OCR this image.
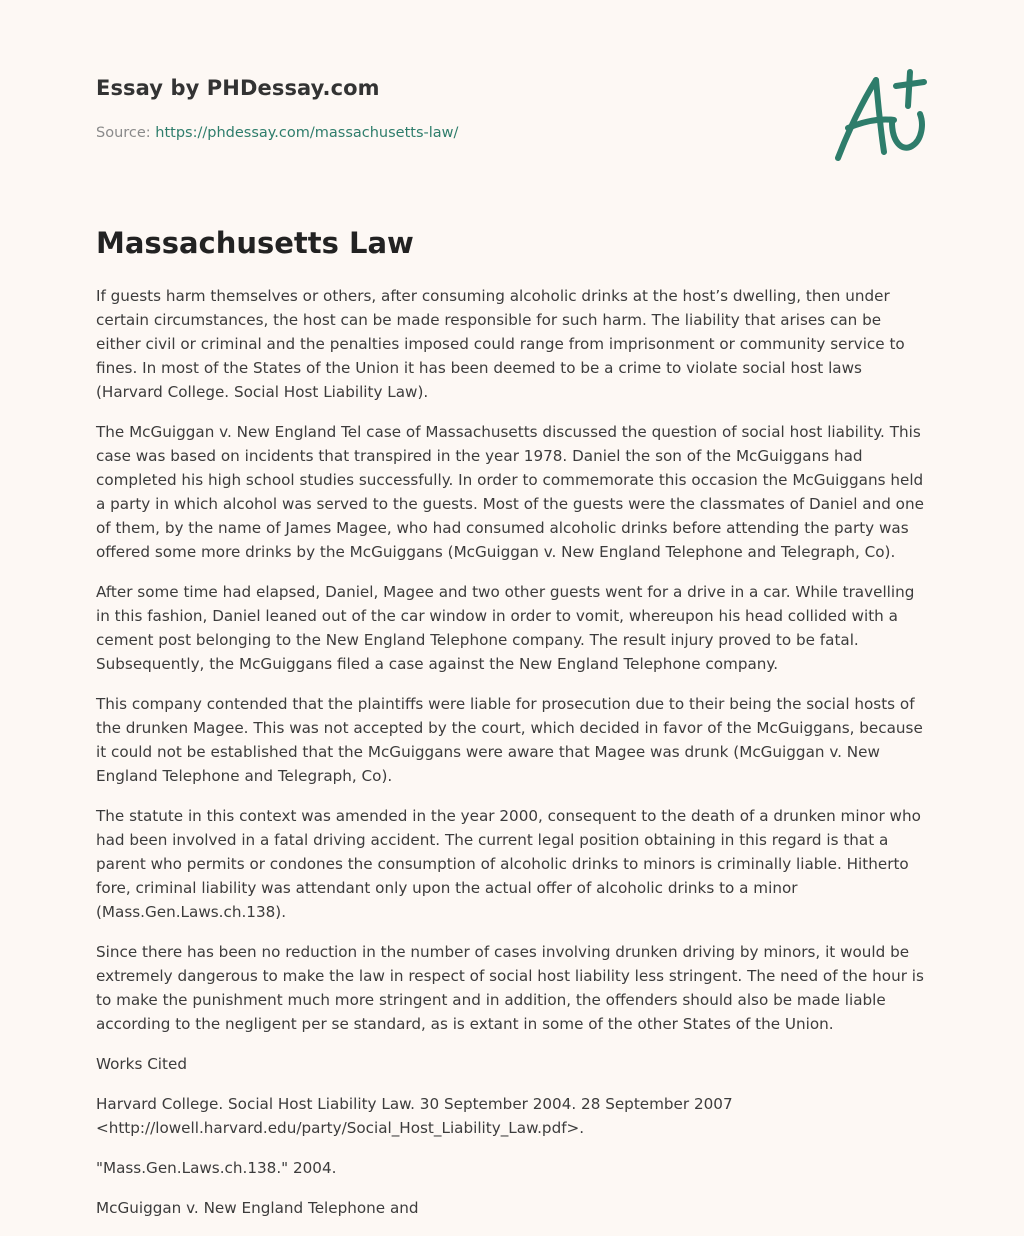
Essay by PHDessay.com
Source: https://phdessay.com/massachusetts-law/
Massachusetts Law

If guests harm themselves or others, after consuming alcoholic drinks at the host’s dwelling, then under certain circumstances, the host can be made responsible for such harm. The liability that arises can be either civil or criminal and the penalties imposed could range from imprisonment or community service to fines. In most of the States of the Union it has been deemed to be a crime to violate social host laws (Harvard College. Social Host Liability Law).

The McGuiggan v. New England Tel case of Massachusetts discussed the question of social host liability. This case was based on incidents that transpired in the year 1978. Daniel the son of the McGuiggans had completed his high school studies successfully. In order to commemorate this occasion the McGuiggans held a party in which alcohol was served to the guests. Most of the guests were the classmates of Daniel and one of them, by the name of James Magee, who had consumed alcoholic drinks before attending the party was offered some more drinks by the McGuiggans (McGuiggan v. New England Telephone and Telegraph, Co).

After some time had elapsed, Daniel, Magee and two other guests went for a drive in a car. While travelling in this fashion, Daniel leaned out of the car window in order to vomit, whereupon his head collided with a cement post belonging to the New England Telephone company. The result injury proved to be fatal. Subsequently, the McGuiggans filed a case against the New England Telephone company.

This company contended that the plaintiffs were liable for prosecution due to their being the social hosts of the drunken Magee. This was not accepted by the court, which decided in favor of the McGuiggans, because it could not be established that the McGuiggans were aware that Magee was drunk (McGuiggan v. New England Telephone and Telegraph, Co).

The statute in this context was amended in the year 2000, consequent to the death of a drunken minor who had been involved in a fatal driving accident. The current legal position obtaining in this regard is that a parent who permits or condones the consumption of alcoholic drinks to minors is criminally liable. Hitherto fore, criminal liability was attendant only upon the actual offer of alcoholic drinks to a minor (Mass.Gen.Laws.ch.138).

Since there has been no reduction in the number of cases involving drunken driving by minors, it would be extremely dangerous to make the law in respect of social host liability less stringent. The need of the hour is to make the punishment much more stringent and in addition, the offenders should also be made liable according to the negligent per se standard, as is extant in some of the other States of the Union.

Works Cited

Harvard College. Social Host Liability Law. 30 September 2004. 28 September 2007 <http://lowell.harvard.edu/party/Social_Host_Liability_Law.pdf>.

"Mass.Gen.Laws.ch.138." 2004.

McGuiggan v. New England Telephone and
